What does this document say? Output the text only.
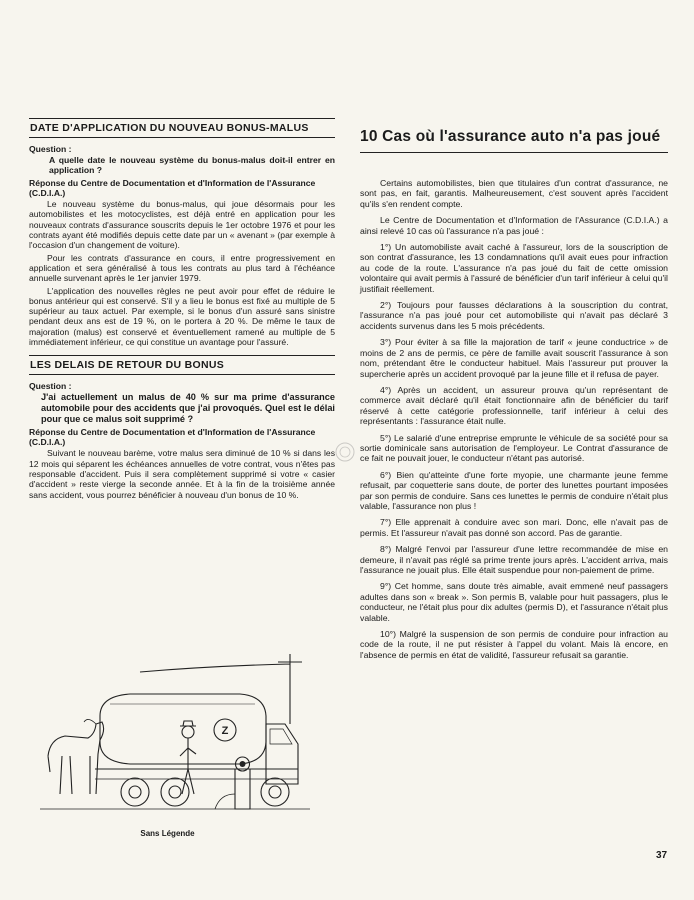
DATE D'APPLICATION DU NOUVEAU BONUS-MALUS
Question :
A quelle date le nouveau système du bonus-malus doit-il entrer en application ?
Réponse du Centre de Documentation et d'Information de l'Assurance (C.D.I.A.)

Le nouveau système du bonus-malus, qui joue désormais pour les automobilistes et les motocyclistes, est déjà entré en application pour les nouveaux contrats d'assurance souscrits depuis le 1er octobre 1976 et pour les contrats ayant été modifiés depuis cette date par un « avenant » (par exemple à l'occasion d'un changement de voiture).

Pour les contrats d'assurance en cours, il entre progressivement en application et sera généralisé à tous les contrats au plus tard à l'échéance annuelle survenant après le 1er janvier 1979.

L'application des nouvelles règles ne peut avoir pour effet de réduire le bonus antérieur qui est conservé. S'il y a lieu le bonus est fixé au multiple de 5 supérieur au taux actuel. Par exemple, si le bonus d'un assuré sans sinistre pendant deux ans est de 19 %, on le portera à 20 %. De même le taux de majoration (malus) est conservé et éventuellement ramené au multiple de 5 immédiatement inférieur, ce qui constitue un avantage pour l'assuré.

LES DELAIS DE RETOUR DU BONUS
Question :
J'ai actuellement un malus de 40 % sur ma prime d'assurance automobile pour des accidents que j'ai provoqués. Quel est le délai pour que ce malus soit supprimé ?
Réponse du Centre de Documentation et d'Information de l'Assurance (C.D.I.A.)

Suivant le nouveau barème, votre malus sera diminué de 10 % si dans les 12 mois qui séparent les échéances annuelles de votre contrat, vous n'êtes pas responsable d'accident. Puis il sera complètement supprimé si votre « casier d'accident » reste vierge la seconde année. Et à la fin de la troisième année sans accident, vous pourrez bénéficier à nouveau d'un bonus de 10 %.

Z
Sans Légende
10 Cas où l'assurance auto n'a pas joué

Certains automobilistes, bien que titulaires d'un contrat d'assurance, ne sont pas, en fait, garantis. Malheureusement, c'est souvent après l'accident qu'ils s'en rendent compte.

Le Centre de Documentation et d'Information de l'Assurance (C.D.I.A.) a ainsi relevé 10 cas où l'assurance n'a pas joué :

1°) Un automobiliste avait caché à l'assureur, lors de la souscription de son contrat d'assurance, les 13 condamnations qu'il avait eues pour infraction au code de la route. L'assurance n'a pas joué du fait de cette omission volontaire qui avait permis à l'assuré de bénéficier d'un tarif inférieur à celui qu'il justifiait réellement.

2°) Toujours pour fausses déclarations à la souscription du contrat, l'assurance n'a pas joué pour cet automobiliste qui n'avait pas déclaré 3 accidents survenus dans les 5 mois précédents.

3°) Pour éviter à sa fille la majoration de tarif « jeune conductrice » de moins de 2 ans de permis, ce père de famille avait souscrit l'assurance à son nom, prétendant être le conducteur habituel. Mais l'assureur put prouver la supercherie après un accident provoqué par la jeune fille et il refusa de payer.

4°) Après un accident, un assureur prouva qu'un représentant de commerce avait déclaré qu'il était fonctionnaire afin de bénéficier du tarif réservé à cette catégorie professionnelle, tarif inférieur à celui des représentants : l'assurance était nulle.

5°) Le salarié d'une entreprise emprunte le véhicule de sa société pour sa sortie dominicale sans autorisation de l'employeur. Le Contrat d'assurance de ce fait ne pouvait jouer, le conducteur n'étant pas autorisé.

6°) Bien qu'atteinte d'une forte myopie, une charmante jeune femme refusait, par coquetterie sans doute, de porter des lunettes pourtant imposées par son permis de conduire. Sans ces lunettes le permis de conduire n'était plus valable, l'assurance non plus !

7°) Elle apprenait à conduire avec son mari. Donc, elle n'avait pas de permis. Et l'assureur n'avait pas donné son accord. Pas de garantie.

8°) Malgré l'envoi par l'assureur d'une lettre recommandée de mise en demeure, il n'avait pas réglé sa prime trente jours après. L'accident arriva, mais l'assurance ne jouait plus. Elle était suspendue pour non-paiement de prime.

9°) Cet homme, sans doute très aimable, avait emmené neuf passagers adultes dans son « break ». Son permis B, valable pour huit passagers, plus le conducteur, ne l'était plus pour dix adultes (permis D), et l'assurance n'était plus valable.

10°) Malgré la suspension de son permis de conduire pour infraction au code de la route, il ne put résister à l'appel du volant. Mais là encore, en l'absence de permis en état de validité, l'assureur refusait sa garantie.

37
